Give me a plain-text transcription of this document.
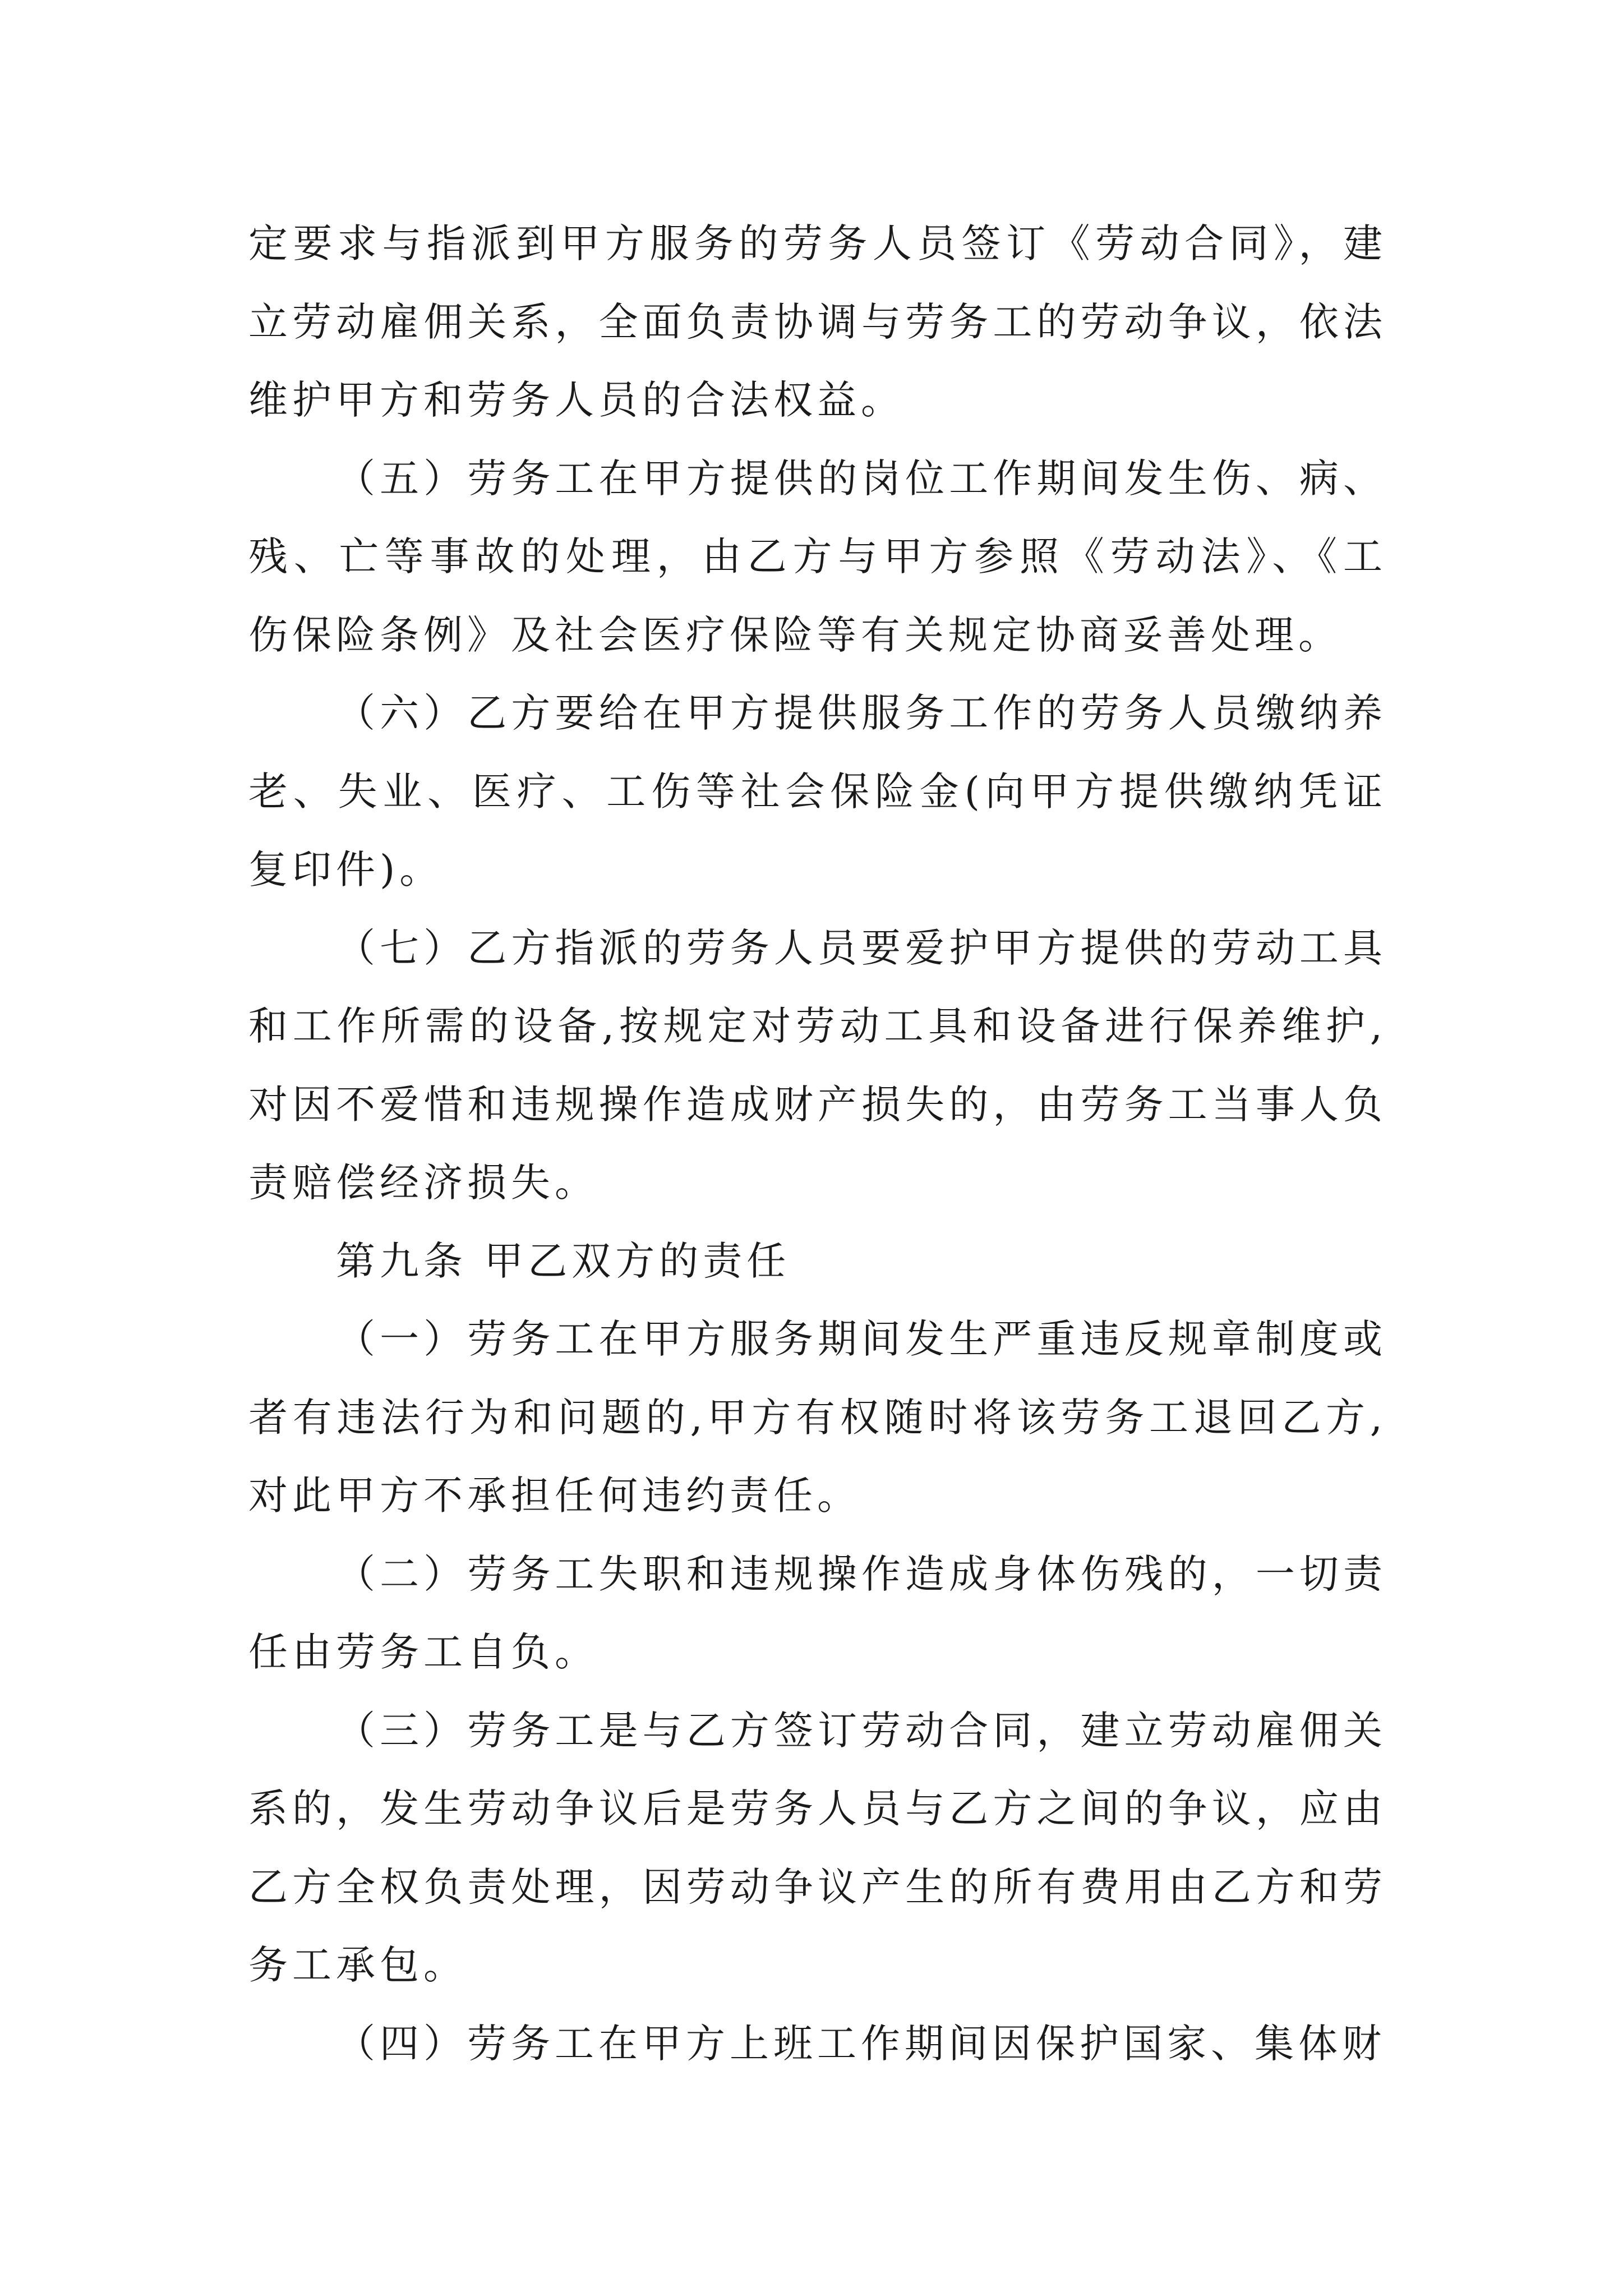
定要求与指派到甲方服务的劳务人员签订《劳动合同》，建立劳动雇佣关系，全面负责协调与劳务工的劳动争议，依法维护甲方和劳务人员的合法权益。

（五）劳务工在甲方提供的岗位工作期间发生伤、病、残、亡等事故的处理，由乙方与甲方参照《劳动法》、《工伤保险条例》及社会医疗保险等有关规定协商妥善处理。

（六）乙方要给在甲方提供服务工作的劳务人员缴纳养老、失业、医疗、工伤等社会保险金(向甲方提供缴纳凭证复印件)。

（七）乙方指派的劳务人员要爱护甲方提供的劳动工具和工作所需的设备,按规定对劳动工具和设备进行保养维护,对因不爱惜和违规操作造成财产损失的，由劳务工当事人负责赔偿经济损失。

第九条 甲乙双方的责任

（一）劳务工在甲方服务期间发生严重违反规章制度或者有违法行为和问题的,甲方有权随时将该劳务工退回乙方,对此甲方不承担任何违约责任。

（二）劳务工失职和违规操作造成身体伤残的，一切责任由劳务工自负。

（三）劳务工是与乙方签订劳动合同，建立劳动雇佣关系的，发生劳动争议后是劳务人员与乙方之间的争议，应由乙方全权负责处理，因劳动争议产生的所有费用由乙方和劳务工承包。

（四）劳务工在甲方上班工作期间因保护国家、集体财
